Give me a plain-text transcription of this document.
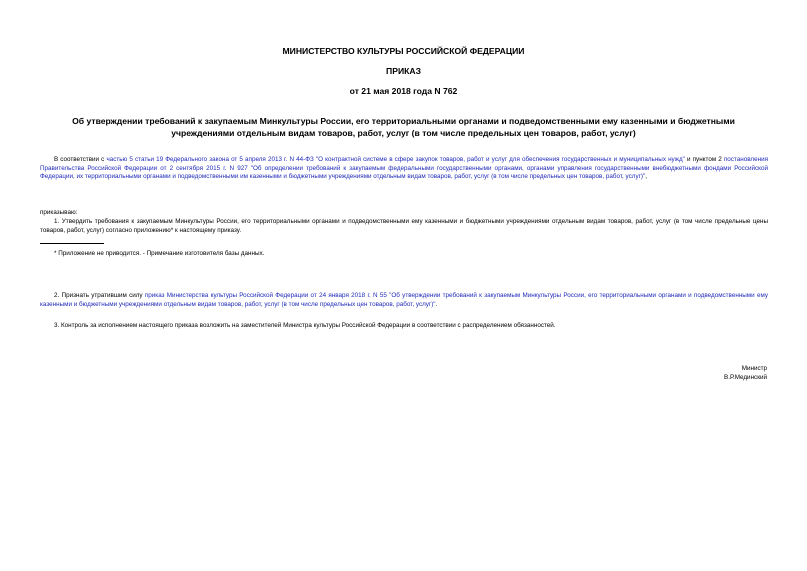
МИНИСТЕРСТВО КУЛЬТУРЫ РОССИЙСКОЙ ФЕДЕРАЦИИ
ПРИКАЗ
от 21 мая 2018 года N 762
Об утверждении требований к закупаемым Минкультуры России, его территориальными органами и подведомственными ему казенными и бюджетными учреждениями отдельным видам товаров, работ, услуг (в том числе предельных цен товаров, работ, услуг)
В соответствии с частью 5 статьи 19 Федерального закона от 5 апреля 2013 г. N 44-ФЗ "О контрактной системе в сфере закупок товаров, работ и услуг для обеспечения государственных и муниципальных нужд" и пунктом 2 постановления Правительства Российской Федерации от 2 сентября 2015 г. N 927 "Об определении требований к закупаемым федеральными государственными органами, органами управления государственными внебюджетными фондами Российской Федерации, их территориальными органами и подведомственными им казенными и бюджетными учреждениями отдельным видам товаров, работ, услуг (в том числе предельных цен товаров, работ, услуг)",
приказываю:
1. Утвердить требования к закупаемым Минкультуры России, его территориальными органами и подведомственными ему казенными и бюджетными учреждениями отдельным видам товаров, работ, услуг (в том числе предельные цены товаров, работ, услуг) согласно приложению* к настоящему приказу.
* Приложение не приводится. - Примечание изготовителя базы данных.
2. Признать утратившим силу приказ Министерства культуры Российской Федерации от 24 января 2018 г. N 55 "Об утверждении требований к закупаемым Минкультуры России, его территориальными органами и подведомственными ему казенными и бюджетными учреждениями отдельным видам товаров, работ, услуг (в том числе предельных цен товаров, работ, услуг)".
3. Контроль за исполнением настоящего приказа возложить на заместителей Министра культуры Российской Федерации в соответствии с распределением обязанностей.
Министр
В.Р.Мединский
